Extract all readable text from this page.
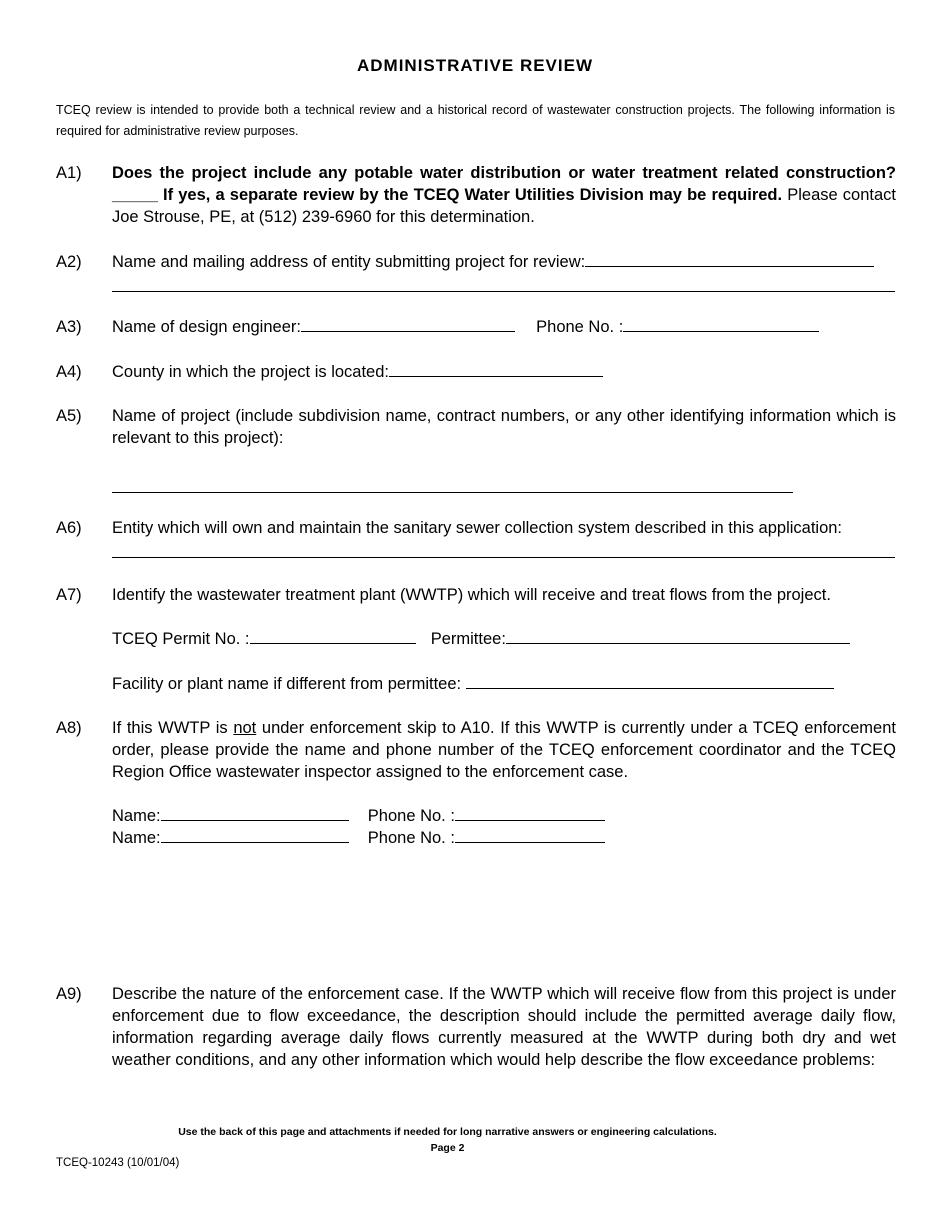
ADMINISTRATIVE REVIEW
TCEQ review is intended to provide both a technical review and a historical record of wastewater construction projects. The following information is required for administrative review purposes.
A1)	Does the project include any potable water distribution or water treatment related construction? _____ If yes, a separate review by the TCEQ Water Utilities Division may be required. Please contact Joe Strouse, PE, at (512) 239-6960 for this determination.
A2)	Name and mailing address of entity submitting project for review:
A3)	Name of design engineer:	Phone No. :
A4)	County in which the project is located:
A5)	Name of project (include subdivision name, contract numbers, or any other identifying information which is relevant to this project):
A6)	Entity which will own and maintain the sanitary sewer collection system described in this application:
A7)	Identify the wastewater treatment plant (WWTP) which will receive and treat flows from the project.
TCEQ Permit No. :	Permittee:
Facility or plant name if different from permittee:
A8)	If this WWTP is not under enforcement skip to A10. If this WWTP is currently under a TCEQ enforcement order, please provide the name and phone number of the TCEQ enforcement coordinator and the TCEQ Region Office wastewater inspector assigned to the enforcement case.
Name:	Phone No. :
Name:	Phone No. :
A9)	Describe the nature of the enforcement case. If the WWTP which will receive flow from this project is under enforcement due to flow exceedance, the description should include the permitted average daily flow, information regarding average daily flows currently measured at the WWTP during both dry and wet weather conditions, and any other information which would help describe the flow exceedance problems:
Use the back of this page and attachments if needed for long narrative answers or engineering calculations.
Page 2
TCEQ-10243 (10/01/04)
